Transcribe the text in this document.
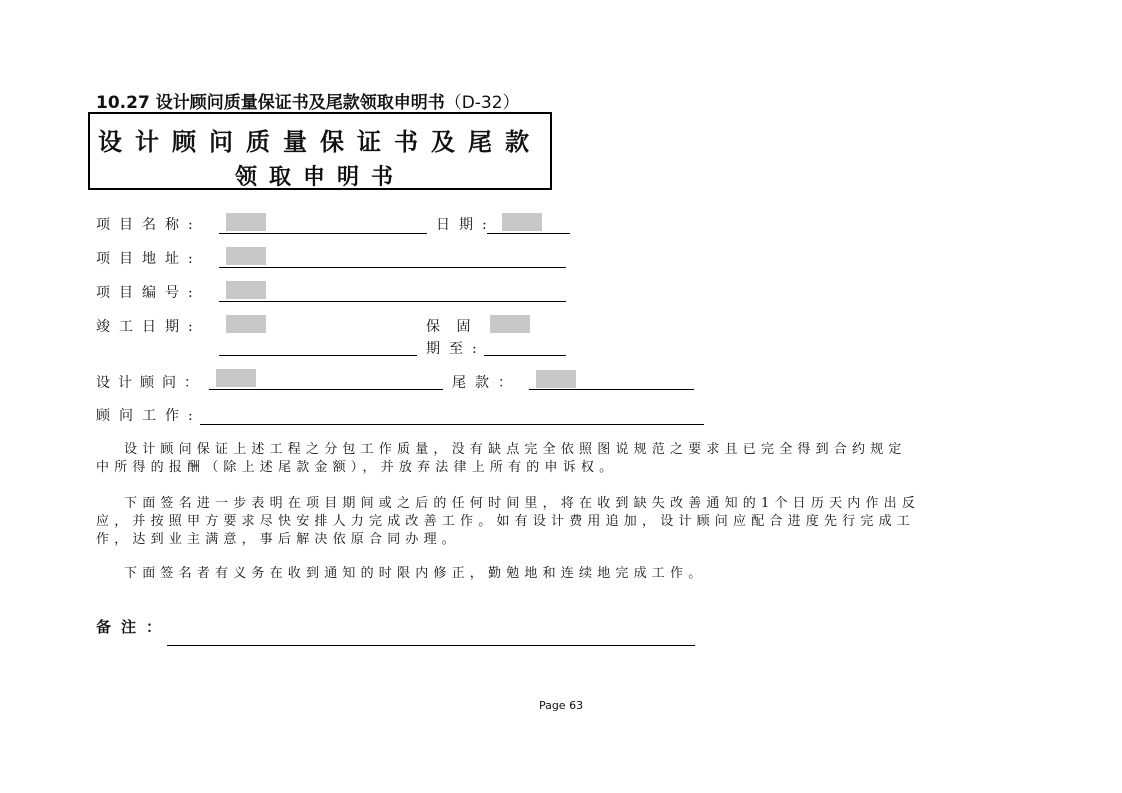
10.27 设计顾问质量保证书及尾款领取申明书（D-32）
设计顾问质量保证书及尾款
领取申明书
项目名称:	日期:
项目地址:
项目编号:
竣工日期:	保 固
期至:
设计顾问：	尾款：
顾问工作:
设计顾问保证上述工程之分包工作质量，没有缺点完全依照图说规范之要求且已完全得到合约规定
中所得的报酬（除上述尾款金额），并放弃法律上所有的申诉权。
下面签名进一步表明在项目期间或之后的任何时间里，将在收到缺失改善通知的1个日历天内作出反
应，并按照甲方要求尽快安排人力完成改善工作。如有设计费用追加，设计顾问应配合进度先行完成工
作，达到业主满意，事后解决依原合同办理。
下面签名者有义务在收到通知的时限内修正，勤勉地和连续地完成工作。
备注：
Page 63
